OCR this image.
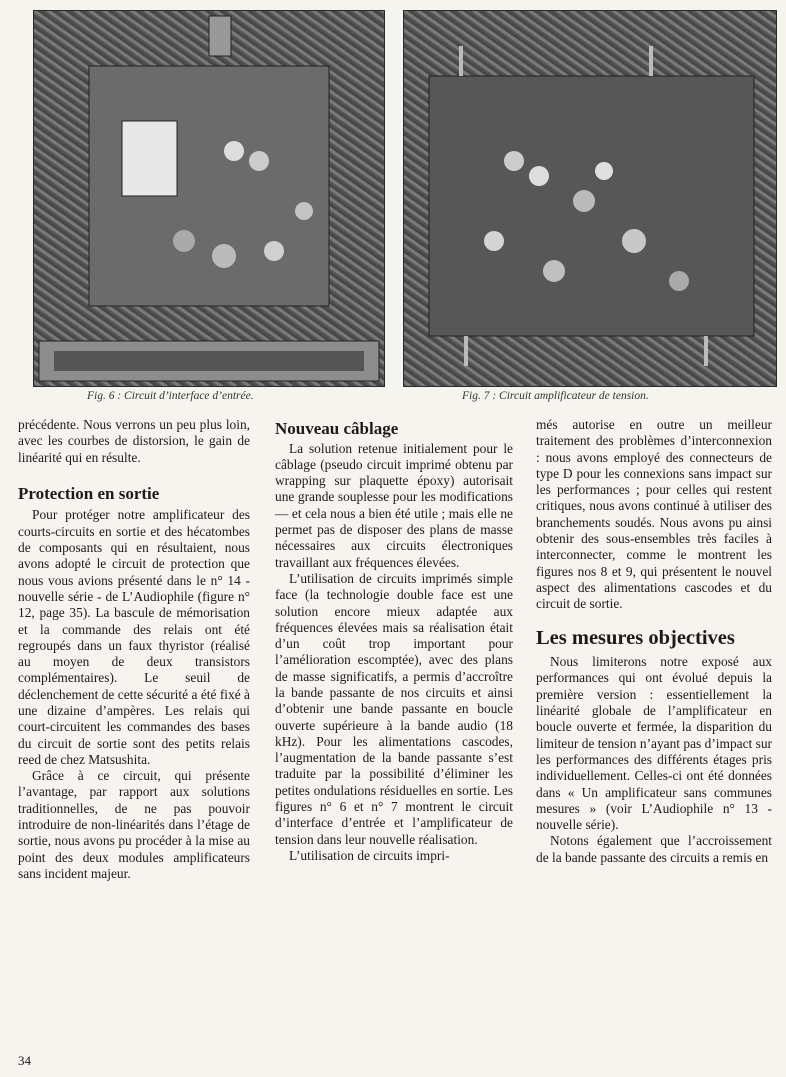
Fig. 6 : Circuit d’interface d’entrée.	Fig. 7 : Circuit amplificateur de tension.

précédente. Nous verrons un peu plus loin, avec les courbes de distorsion, le gain de linéarité qui en résulte.

Protection en sortie

Pour protéger notre amplificateur des courts-circuits en sortie et des hécatombes de composants qui en résultaient, nous avons adopté le circuit de protection que nous vous avions présenté dans le n° 14 - nouvelle série - de L’Audiophile (figure n° 12, page 35). La bascule de mémorisation et la commande des relais ont été regroupés dans un faux thyristor (réalisé au moyen de deux transistors complémentaires). Le seuil de déclenchement de cette sécurité a été fixé à une dizaine d’ampères. Les relais qui court-circuitent les commandes des bases du circuit de sortie sont des petits relais reed de chez Matsushita.

Grâce à ce circuit, qui présente l’avantage, par rapport aux solutions traditionnelles, de ne pas pouvoir introduire de non-linéarités dans l’étage de sortie, nous avons pu procéder à la mise au point des deux modules amplificateurs sans incident majeur.

Nouveau câblage

La solution retenue initialement pour le câblage (pseudo circuit imprimé obtenu par wrapping sur plaquette époxy) autorisait une grande souplesse pour les modifications — et cela nous a bien été utile ; mais elle ne permet pas de disposer des plans de masse nécessaires aux circuits électroniques travaillant aux fréquences élevées.

L’utilisation de circuits imprimés simple face (la technologie double face est une solution encore mieux adaptée aux fréquences élevées mais sa réalisation était d’un coût trop important pour l’amélioration escomptée), avec des plans de masse significatifs, a permis d’accroître la bande passante de nos circuits et ainsi d’obtenir une bande passante en boucle ouverte supérieure à la bande audio (18 kHz). Pour les alimentations cascodes, l’augmentation de la bande passante s’est traduite par la possibilité d’éliminer les petites ondulations résiduelles en sortie. Les figures n° 6 et n° 7 montrent le circuit d’interface d’entrée et l’amplificateur de tension dans leur nouvelle réalisation.

L’utilisation de circuits impri-

més autorise en outre un meilleur traitement des problèmes d’interconnexion : nous avons employé des connecteurs de type D pour les connexions sans impact sur les performances ; pour celles qui restent critiques, nous avons continué à utiliser des branchements soudés. Nous avons pu ainsi obtenir des sous-ensembles très faciles à interconnecter, comme le montrent les figures nos 8 et 9, qui présentent le nouvel aspect des alimentations cascodes et du circuit de sortie.

Les mesures objectives

Nous limiterons notre exposé aux performances qui ont évolué depuis la première version : essentiellement la linéarité globale de l’amplificateur en boucle ouverte et fermée, la disparition du limiteur de tension n’ayant pas d’impact sur les performances des différents étages pris individuellement. Celles-ci ont été données dans « Un amplificateur sans communes mesures » (voir L’Audiophile n° 13 - nouvelle série).

Notons également que l’accroissement de la bande passante des circuits a remis en

34
